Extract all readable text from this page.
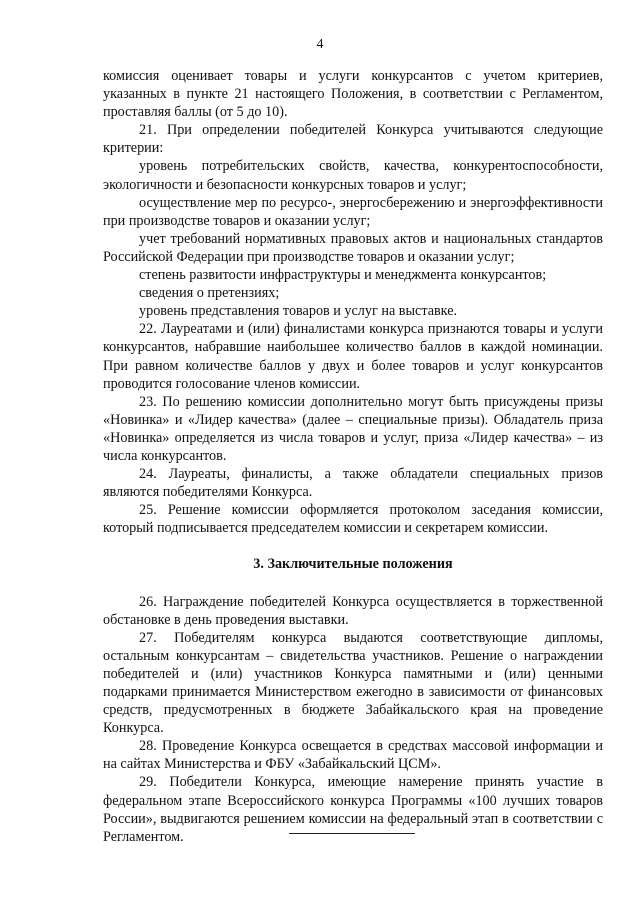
4
комиссия оценивает товары и услуги конкурсантов с учетом критериев, указанных в пункте 21 настоящего Положения, в соответствии с Регламентом, проставляя баллы (от 5 до 10).
21. При определении победителей Конкурса учитываются следующие критерии:
уровень потребительских свойств, качества, конкурентоспособности, экологичности и безопасности конкурсных товаров и услуг;
осуществление мер по ресурсо-, энергосбережению и энергоэффективности при производстве товаров и оказании услуг;
учет требований нормативных правовых актов и национальных стандартов Российской Федерации при производстве товаров и оказании услуг;
степень развитости инфраструктуры и менеджмента конкурсантов;
сведения о претензиях;
уровень представления товаров и услуг на выставке.
22. Лауреатами и (или) финалистами конкурса признаются товары и услуги конкурсантов, набравшие наибольшее количество баллов в каждой номинации. При равном количестве баллов у двух и более товаров и услуг конкурсантов проводится голосование членов комиссии.
23. По решению комиссии дополнительно могут быть присуждены призы «Новинка» и «Лидер качества» (далее – специальные призы). Обладатель приза «Новинка» определяется из числа товаров и услуг, приза «Лидер качества» – из числа конкурсантов.
24. Лауреаты, финалисты, а также обладатели специальных призов являются победителями Конкурса.
25. Решение комиссии оформляется протоколом заседания комиссии, который подписывается председателем комиссии и секретарем комиссии.
3. Заключительные положения
26. Награждение победителей Конкурса осуществляется в торжественной обстановке в день проведения выставки.
27. Победителям конкурса выдаются соответствующие дипломы, остальным конкурсантам – свидетельства участников. Решение о награждении победителей и (или) участников Конкурса памятными и (или) ценными подарками принимается Министерством ежегодно в зависимости от финансовых средств, предусмотренных в бюджете Забайкальского края на проведение Конкурса.
28. Проведение Конкурса освещается в средствах массовой информации и на сайтах Министерства и ФБУ «Забайкальский ЦСМ».
29. Победители Конкурса, имеющие намерение принять участие в федеральном этапе Всероссийского конкурса Программы «100 лучших товаров России», выдвигаются решением комиссии на федеральный этап в соответствии с Регламентом.
